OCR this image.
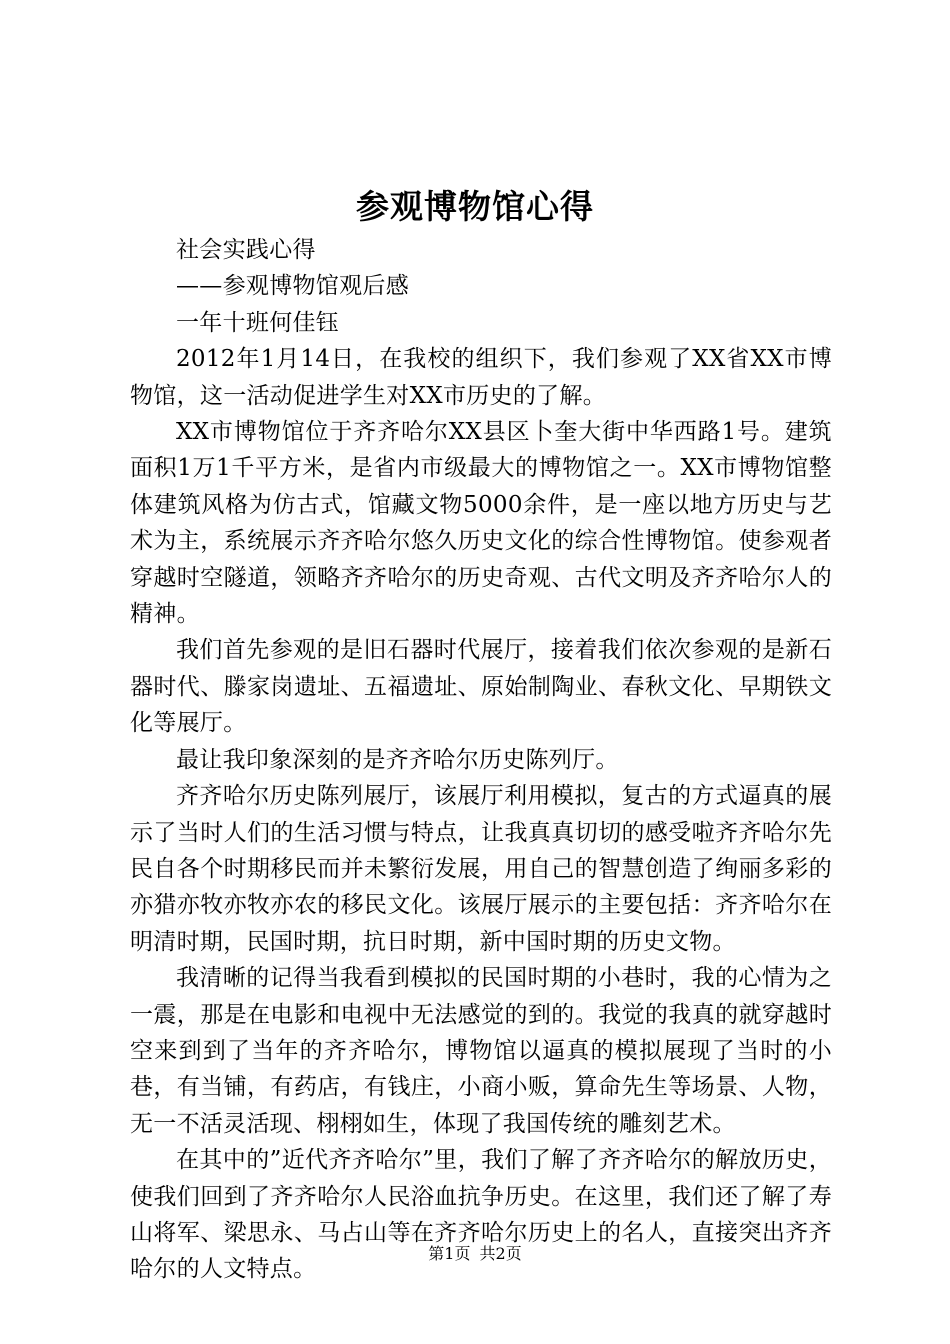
参观博物馆心得

社会实践心得

——参观博物馆观后感

一年十班何佳钰

2012年1月14日，在我校的组织下，我们参观了XX省XX市博物馆，这一活动促进学生对XX市历史的了解。

XX市博物馆位于齐齐哈尔XX县区卜奎大街中华西路1号。建筑面积1万1千平方米，是省内市级最大的博物馆之一。XX市博物馆整体建筑风格为仿古式，馆藏文物5000余件，是一座以地方历史与艺术为主，系统展示齐齐哈尔悠久历史文化的综合性博物馆。使参观者穿越时空隧道，领略齐齐哈尔的历史奇观、古代文明及齐齐哈尔人的精神。

我们首先参观的是旧石器时代展厅，接着我们依次参观的是新石器时代、滕家岗遗址、五福遗址、原始制陶业、春秋文化、早期铁文化等展厅。

最让我印象深刻的是齐齐哈尔历史陈列厅。

齐齐哈尔历史陈列展厅，该展厅利用模拟，复古的方式逼真的展示了当时人们的生活习惯与特点，让我真真切切的感受啦齐齐哈尔先民自各个时期移民而并未繁衍发展，用自己的智慧创造了绚丽多彩的亦猎亦牧亦牧亦农的移民文化。该展厅展示的主要包括：齐齐哈尔在明清时期，民国时期，抗日时期，新中国时期的历史文物。

我清晰的记得当我看到模拟的民国时期的小巷时，我的心情为之一震，那是在电影和电视中无法感觉的到的。我觉的我真的就穿越时空来到到了当年的齐齐哈尔，博物馆以逼真的模拟展现了当时的小巷，有当铺，有药店，有钱庄，小商小贩，算命先生等场景、人物，无一不活灵活现、栩栩如生，体现了我国传统的雕刻艺术。

在其中的”近代齐齐哈尔”里，我们了解了齐齐哈尔的解放历史，使我们回到了齐齐哈尔人民浴血抗争历史。在这里，我们还了解了寿山将军、梁思永、马占山等在齐齐哈尔历史上的名人，直接突出齐齐哈尔的人文特点。

第1页 共2页
